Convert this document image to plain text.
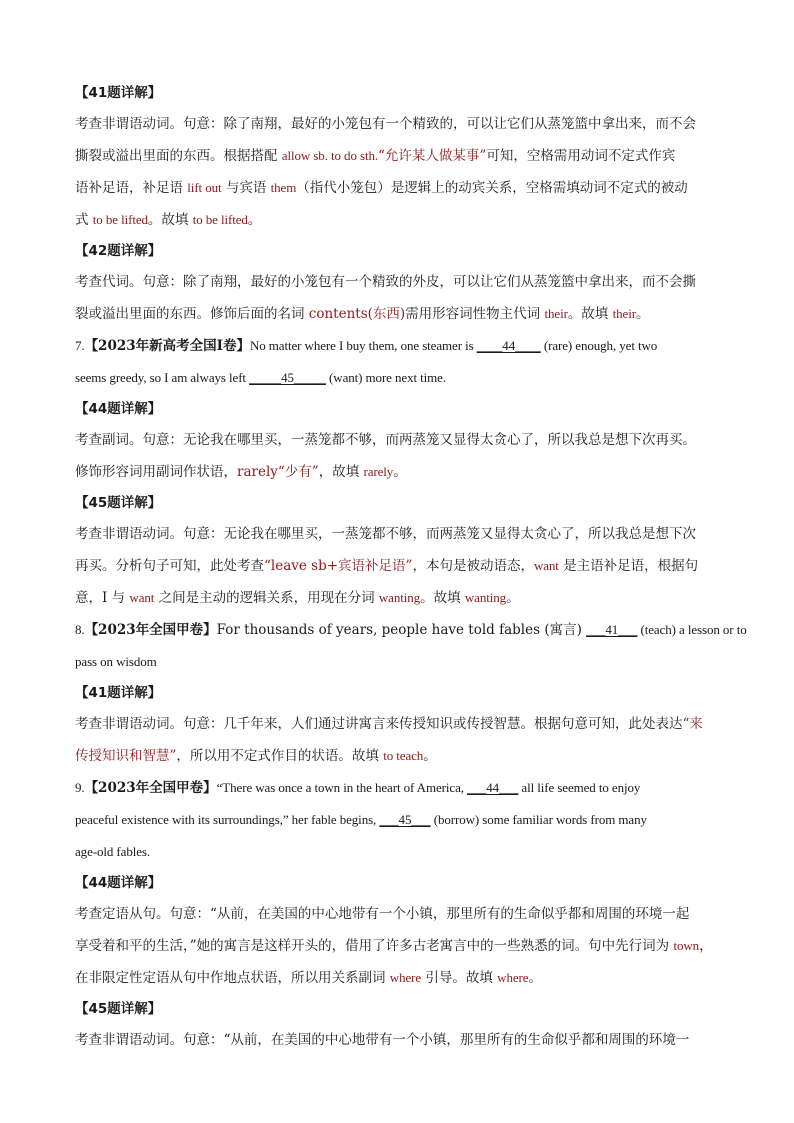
【41题详解】
考查非谓语动词。句意：除了南翔，最好的小笼包有一个精致的，可以让它们从蒸笼篮中拿出来，而不会
撕裂或溢出里面的东西。根据搭配 allow sb. to do sth.“允许某人做某事”可知，空格需用动词不定式作宾
语补足语，补足语 lift out 与宾语 them（指代小笼包）是逻辑上的动宾关系，空格需填动词不定式的被动
式 to be lifted。故填 to be lifted。
【42题详解】
考查代词。句意：除了南翔，最好的小笼包有一个精致的外皮，可以让它们从蒸笼篮中拿出来，而不会撕
裂或溢出里面的东西。修饰后面的名词 contents(东西)需用形容词性物主代词 their。故填 their。
7.【2023年新高考全国Ⅰ卷】No matter where I buy them, one steamer is ____44____ (rare) enough, yet two
seems greedy, so I am always left _____45_____ (want) more next time.
【44题详解】
考查副词。句意：无论我在哪里买，一蒸笼都不够，而两蒸笼又显得太贪心了，所以我总是想下次再买。
修饰形容词用副词作状语，rarely“少有”，故填 rarely。
【45题详解】
考查非谓语动词。句意：无论我在哪里买，一蒸笼都不够，而两蒸笼又显得太贪心了，所以我总是想下次
再买。分析句子可知，此处考查“leave sb+宾语补足语”，本句是被动语态，want 是主语补足语，根据句
意，I 与 want 之间是主动的逻辑关系，用现在分词 wanting。故填 wanting。
8.【2023年全国甲卷】For thousands of years, people have told fables (寓言) ___41___ (teach) a lesson or to
pass on wisdom
【41题详解】
考查非谓语动词。句意：几千年来，人们通过讲寓言来传授知识或传授智慧。根据句意可知，此处表达“来
传授知识和智慧”，所以用不定式作目的状语。故填 to teach。
9.【2023年全国甲卷】“There was once a town in the heart of America, ___44___ all life seemed to enjoy
peaceful existence with its surroundings,” her fable begins, ___45___ (borrow) some familiar words from many
age-old fables.
【44题详解】
考查定语从句。句意：“从前，在美国的中心地带有一个小镇，那里所有的生命似乎都和周围的环境一起
享受着和平的生活，”她的寓言是这样开头的，借用了许多古老寓言中的一些熟悉的词。句中先行词为 town，
在非限定性定语从句中作地点状语，所以用关系副词 where 引导。故填 where。
【45题详解】
考查非谓语动词。句意：“从前，在美国的中心地带有一个小镇，那里所有的生命似乎都和周围的环境一
